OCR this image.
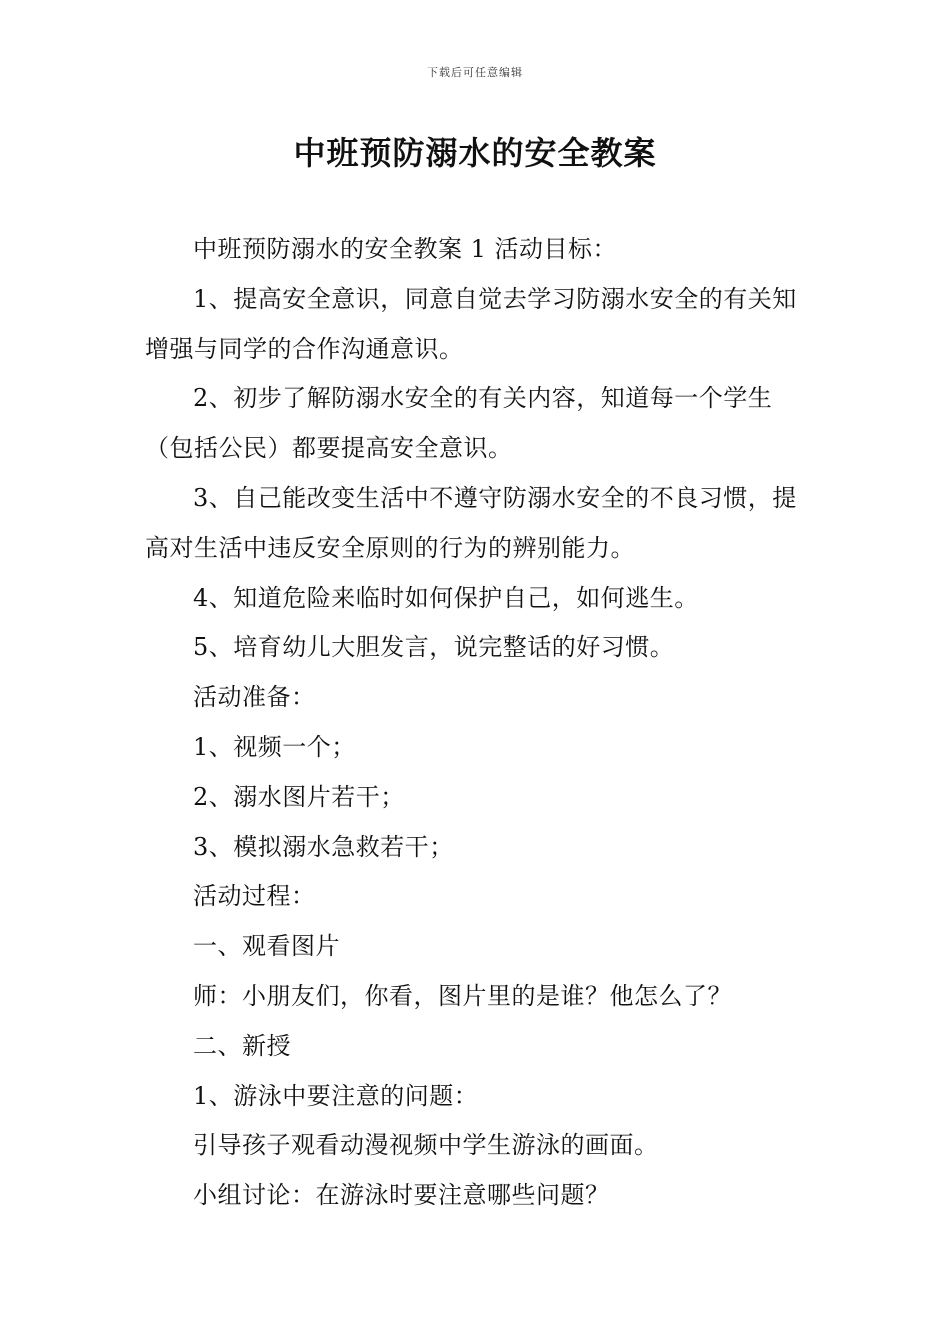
下载后可任意编辑
中班预防溺水的安全教案

中班预防溺水的安全教案 1 活动目标：

1、提高安全意识，同意自觉去学习防溺水安全的有关知增强与同学的合作沟通意识。

2、初步了解防溺水安全的有关内容，知道每一个学生（包括公民）都要提高安全意识。

3、自己能改变生活中不遵守防溺水安全的不良习惯，提高对生活中违反安全原则的行为的辨别能力。

4、知道危险来临时如何保护自己，如何逃生。

5、培育幼儿大胆发言，说完整话的好习惯。

活动准备：

1、视频一个；

2、溺水图片若干；

3、模拟溺水急救若干；

活动过程：

一、观看图片

师：小朋友们，你看，图片里的是谁？他怎么了？

二、新授

1、游泳中要注意的问题：

引导孩子观看动漫视频中学生游泳的画面。

小组讨论：在游泳时要注意哪些问题？
